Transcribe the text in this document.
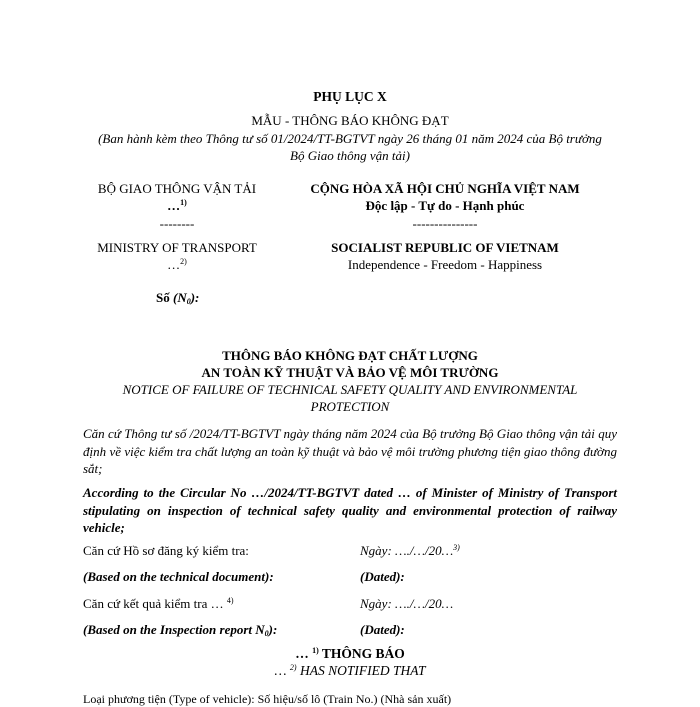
PHỤ LỤC X
MẪU - THÔNG BÁO KHÔNG ĐẠT
(Ban hành kèm theo Thông tư số 01/2024/TT-BGTVT ngày 26 tháng 01 năm 2024 của Bộ trưởng
Bộ Giao thông vận tải)
BỘ GIAO THÔNG VẬN TẢI
…$^{1)}$
--------
MINISTRY OF TRANSPORT
…$^{2)}$
Số $(N_0)$:
CỘNG HÒA XÃ HỘI CHỦ NGHĨA VIỆT NAM
Độc lập - Tự do - Hạnh phúc
---------------
SOCIALIST REPUBLIC OF VIETNAM
Independence - Freedom - Happiness
THÔNG BÁO KHÔNG ĐẠT CHẤT LƯỢNG
AN TOÀN KỸ THUẬT VÀ BẢO VỆ MÔI TRƯỜNG
NOTICE OF FAILURE OF TECHNICAL SAFETY QUALITY AND ENVIRONMENTAL
PROTECTION
Căn cứ Thông tư số /2024/TT-BGTVT ngày tháng năm 2024 của Bộ trưởng Bộ Giao thông vận tải quy định về việc kiểm tra chất lượng an toàn kỹ thuật và bảo vệ môi trường phương tiện giao thông đường sắt;
According to the Circular No …/2024/TT-BGTVT dated … of Minister of Ministry of Transport stipulating on inspection of technical safety quality and environmental protection of railway vehicle;
Căn cứ Hồ sơ đăng ký kiểm tra:	Ngày: …./…/20…$^{3)}$
(Based on the technical document):	(Dated):
Căn cứ kết quả kiểm tra … $^{4)}$	Ngày: …./…/20…
(Based on the Inspection report $N_0$):	(Dated):
… $^{1)}$ THÔNG BÁO
… $^{2)}$ HAS NOTIFIED THAT
Loại phương tiện (Type of vehicle): Số hiệu/số lô (Train No.) (Nhà sản xuất)
